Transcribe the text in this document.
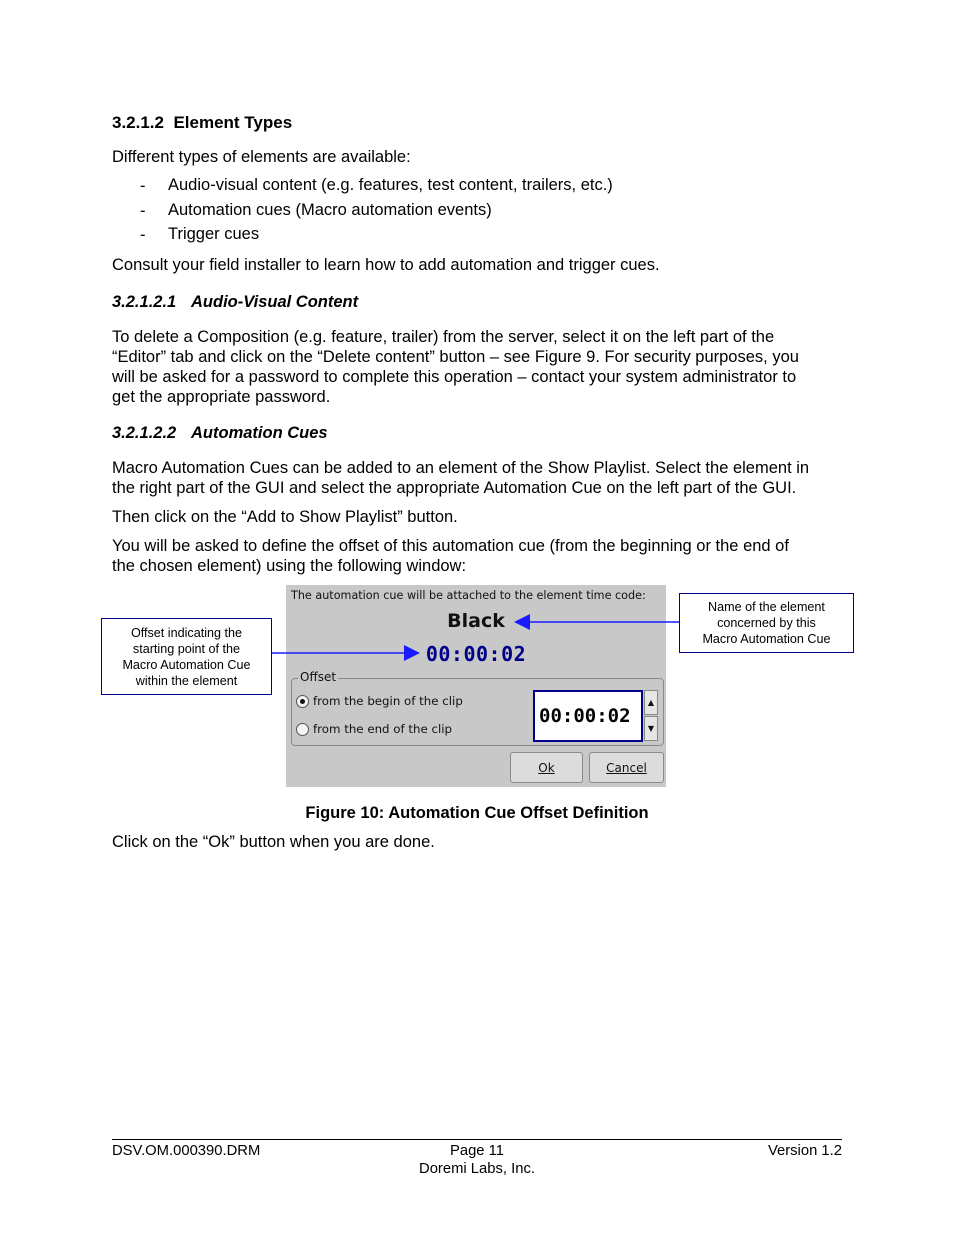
3.2.1.2 Element Types
Different types of elements are available:
- Audio-visual content (e.g. features, test content, trailers, etc.)
- Automation cues (Macro automation events)
- Trigger cues
Consult your field installer to learn how to add automation and trigger cues.
3.2.1.2.1 Audio-Visual Content
To delete a Composition (e.g. feature, trailer) from the server, select it on the left part of the
“Editor” tab and click on the “Delete content” button – see Figure 9. For security purposes, you
will be asked for a password to complete this operation – contact your system administrator to
get the appropriate password.
3.2.1.2.2 Automation Cues
Macro Automation Cues can be added to an element of the Show Playlist. Select the element in
the right part of the GUI and select the appropriate Automation Cue on the left part of the GUI.
Then click on the “Add to Show Playlist” button.
You will be asked to define the offset of this automation cue (from the beginning or the end of
the chosen element) using the following window:
The automation cue will be attached to the element time code:
Black
00:00:02
Offset
from the begin of the clip
from the end of the clip
00:00:02
▲
▼
Ok	Cancel
Offset indicating the
starting point of the
Macro Automation Cue
within the element
Name of the element
concerned by this
Macro Automation Cue
Figure 10: Automation Cue Offset Definition
Click on the “Ok” button when you are done.
DSV.OM.000390.DRM	Page 11
Doremi Labs, Inc.
Version 1.2
